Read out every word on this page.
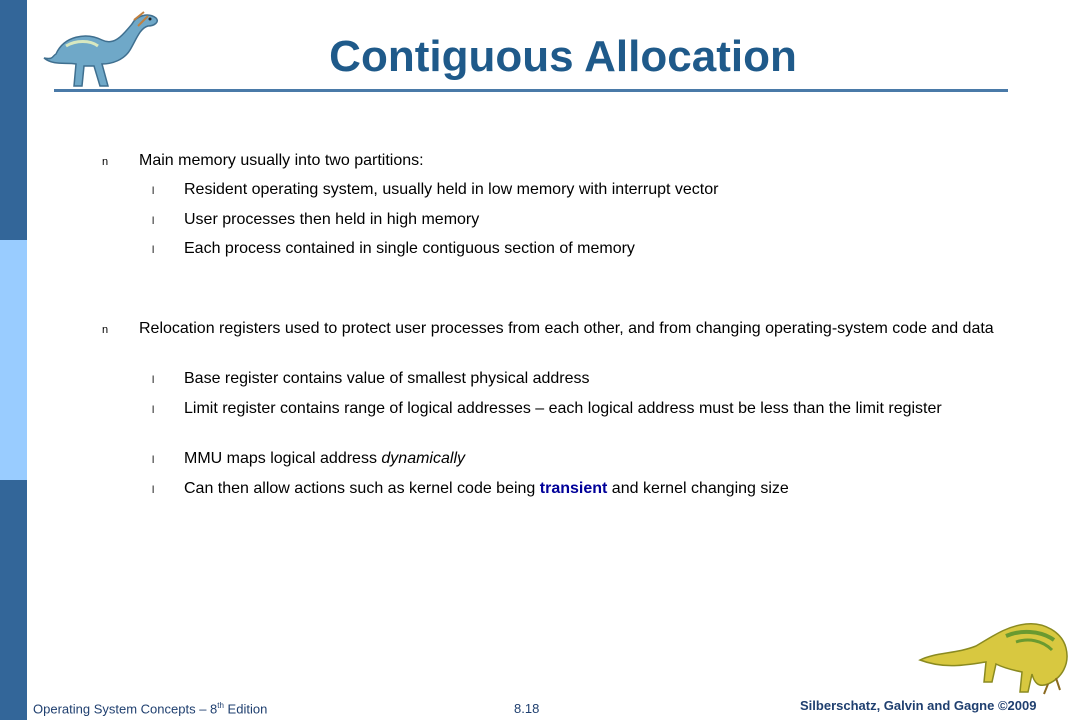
Contiguous Allocation
n Main memory usually into two partitions:
l Resident operating system, usually held in low memory with interrupt vector
l User processes then held in high memory
l Each process contained in single contiguous section of memory
n Relocation registers used to protect user processes from each other, and from changing operating-system code and data
l Base register contains value of smallest physical address
l Limit register contains range of logical addresses – each logical address must be less than the limit register
l MMU maps logical address dynamically
l Can then allow actions such as kernel code being transient and kernel changing size
Operating System Concepts – 8th Edition	8.18	Silberschatz, Galvin and Gagne ©2009
